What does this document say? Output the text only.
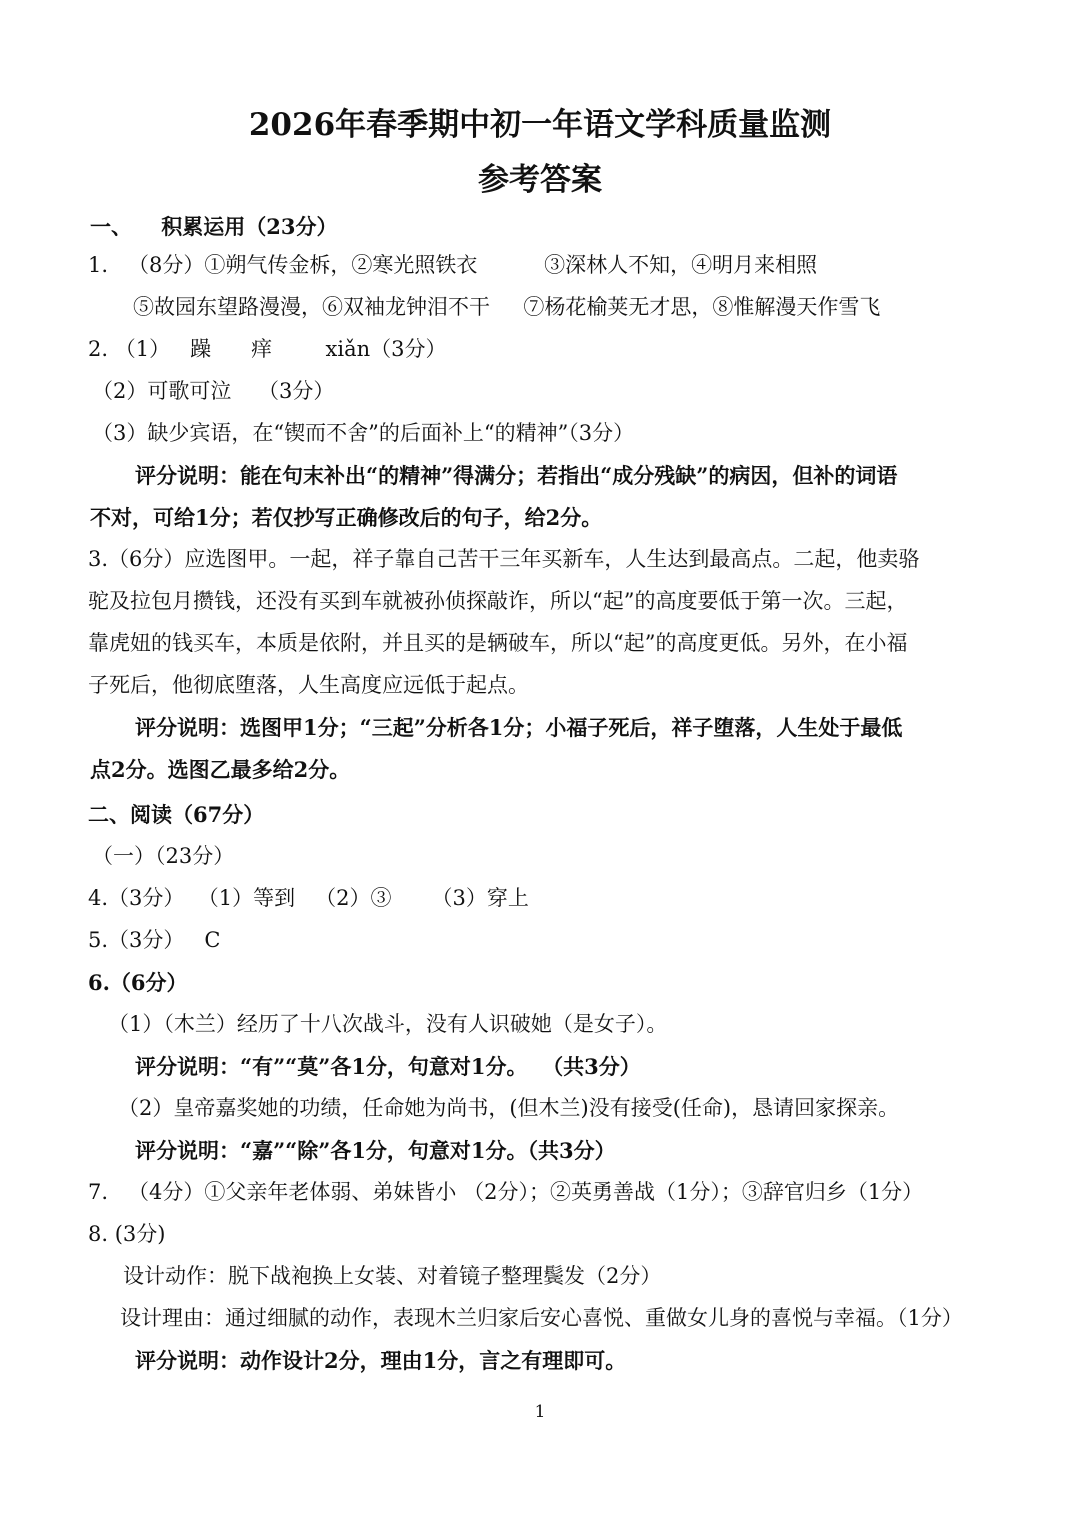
2026年春季期中初一年语文学科质量监测
参考答案
一、    积累运用（23分）
1.   （8分）①朔气传金柝，②寒光照铁衣          ③深林人不知，④明月来相照
⑤故园东望路漫漫，⑥双袖龙钟泪不干     ⑦杨花榆荚无才思，⑧惟解漫天作雪飞
2. （1）   躁      痒        xiǎn（3分）
（2）可歌可泣    （3分）
（3）缺少宾语，在“锲而不舍”的后面补上“的精神”（3分）
评分说明：能在句末补出“的精神”得满分；若指出“成分残缺”的病因，但补的词语
不对，可给1分；若仅抄写正确修改后的句子，给2分。
3.（6分）应选图甲。一起，祥子靠自己苦干三年买新车，人生达到最高点。二起，他卖骆
驼及拉包月攒钱，还没有买到车就被孙侦探敲诈，所以“起”的高度要低于第一次。三起，
靠虎妞的钱买车，本质是依附，并且买的是辆破车，所以“起”的高度更低。另外，在小福
子死后，他彻底堕落，人生高度应远低于起点。
评分说明：选图甲1分；“三起”分析各1分；小福子死后，祥子堕落，人生处于最低
点2分。选图乙最多给2分。
二、阅读（67分）
（一）（23分）
4.（3分）  （1）等到   （2）③      （3）穿上
5.（3分）   C
6.（6分）
（1）（木兰）经历了十八次战斗，没有人识破她（是女子）。
评分说明：“有”“莫”各1分，句意对1分。  （共3分）
（2）皇帝嘉奖她的功绩，任命她为尚书，(但木兰)没有接受(任命)，恳请回家探亲。
评分说明：“嘉”“除”各1分，句意对1分。（共3分）
7.   （4分）①父亲年老体弱、弟妹皆小 （2分）；②英勇善战（1分）；③辞官归乡（1分）
8. (3分)
设计动作：脱下战袍换上女装、对着镜子整理鬓发（2分）
设计理由：通过细腻的动作，表现木兰归家后安心喜悦、重做女儿身的喜悦与幸福。（1分）
评分说明：动作设计2分，理由1分，言之有理即可。
1
